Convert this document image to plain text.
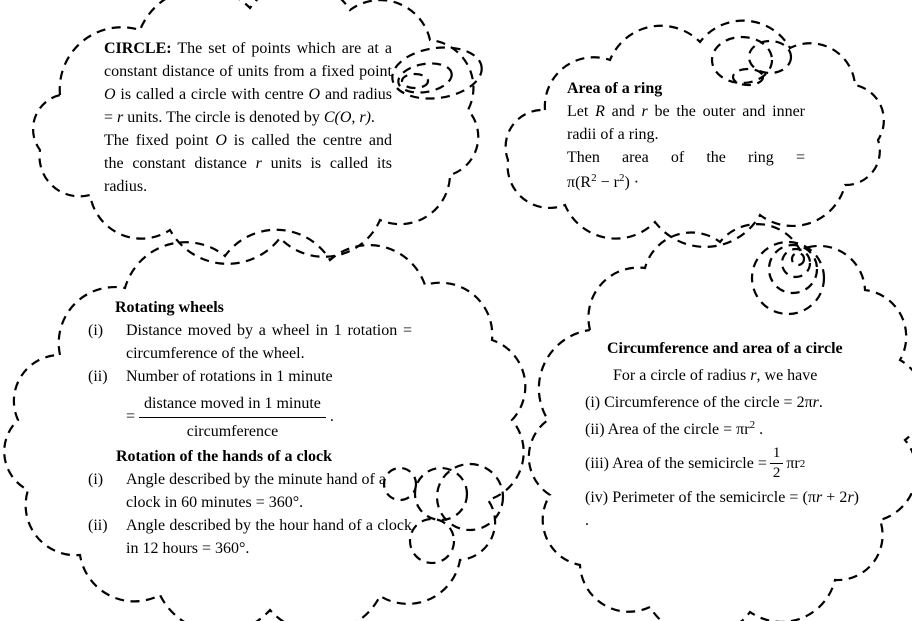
CIRCLE: The set of points which are at a constant distance of units from a fixed point O is called a circle with centre O and radius = r units. The circle is denoted by C(O, r).
The fixed point O is called the centre and the constant distance r units is called its radius.
Area of a ring
Let R and r be the outer and inner radii of a ring.
Then area of the ring =
$\pi(R^2 - r^2)$ ·
Rotating wheels
(i)	Distance moved by a wheel in 1 rotation = circumference of the wheel.
(ii)	Number of rotations in 1 minute
= $\frac{\text{distance moved in 1 minute}}{\text{circumference}}$ .
Rotation of the hands of a clock
(i)	Angle described by the minute hand of a clock in 60 minutes = 360°.
(ii)	Angle described by the hour hand of a clock in 12 hours = 360°.

Circumference and area of a circle

For a circle of radius r, we have

(i) Circumference of the circle = 2πr.

(ii) Area of the circle = $\pi r^2$ .

(iii) Area of the semicircle = $\frac{1}{2}$ πr 2

(iv) Perimeter of the semicircle = (πr + 2r) .
